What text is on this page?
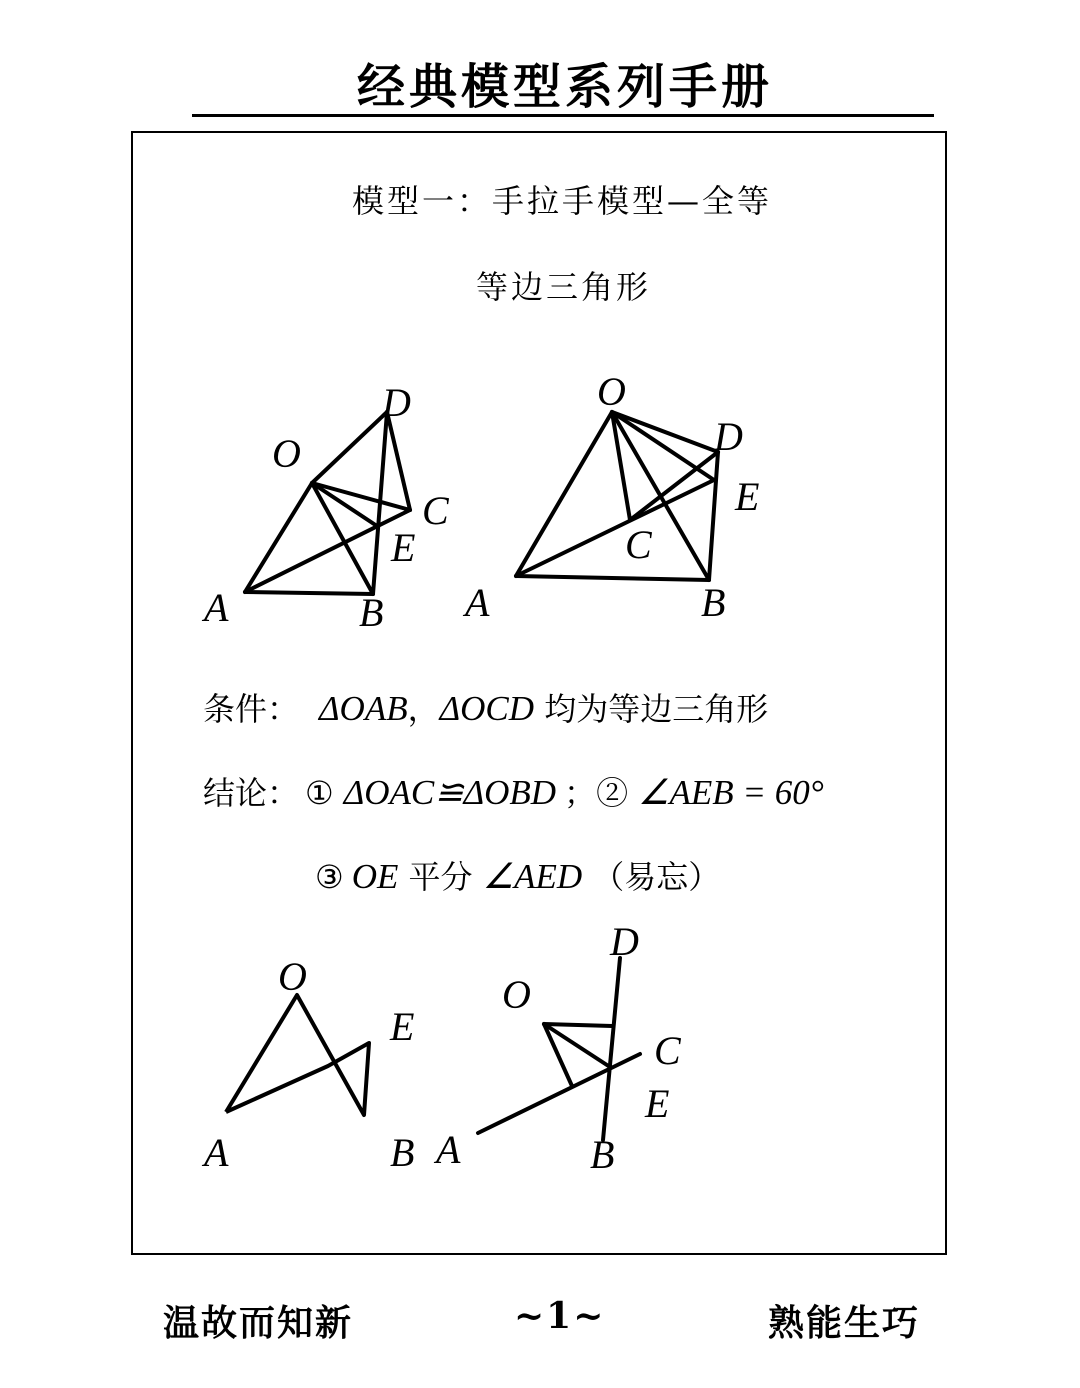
经典模型系列手册
模型一：手拉手模型—全等
等边三角形
D
O
C
E
A	B
O
D
E
C
A	B
条件： ΔOAB，ΔOCD 均为等边三角形
结论： ① ΔOAC≌ΔOBD ；② ∠AEB = 60°
③ OE 平分 ∠AED （易忘）
O
E
A	B
D
O
C
E
A	B
温故而知新	~1~	熟能生巧
